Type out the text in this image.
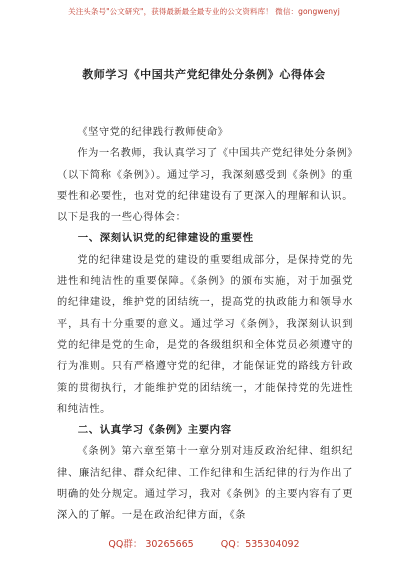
关注头条号"公文研究"，获得最新最全最专业的公文资料库！ 微信：gongwenyj
教师学习《中国共产党纪律处分条例》心得体会

《坚守党的纪律践行教师使命》

作为一名教师，我认真学习了《中国共产党纪律处分条例》（以下简称《条例》）。通过学习，我深刻感受到《条例》的重要性和必要性，也对党的纪律建设有了更深入的理解和认识。以下是我的一些心得体会：

一、深刻认识党的纪律建设的重要性

党的纪律建设是党的建设的重要组成部分，是保持党的先进性和纯洁性的重要保障。《条例》的颁布实施，对于加强党的纪律建设，维护党的团结统一，提高党的执政能力和领导水平，具有十分重要的意义。通过学习《条例》，我深刻认识到党的纪律是党的生命，是党的各级组织和全体党员必须遵守的行为准则。只有严格遵守党的纪律，才能保证党的路线方针政策的贯彻执行，才能维护党的团结统一，才能保持党的先进性和纯洁性。

二、认真学习《条例》主要内容

《条例》第六章至第十一章分别对违反政治纪律、组织纪律、廉洁纪律、群众纪律、工作纪律和生活纪律的行为作出了明确的处分规定。通过学习，我对《条例》的主要内容有了更深入的了解。一是在政治纪律方面，《条

QQ群： 30265665	QQ：535304092
